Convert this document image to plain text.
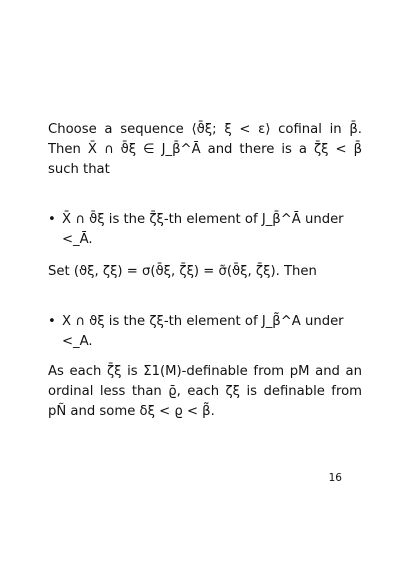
Choose a sequence ⟨ϑ̄ξ; ξ < ε⟩ cofinal in β̄. Then X̄ ∩ ϑ̄ξ ∈ J_β̄^Ā and there is a ζ̄ξ < β̄ such that
• X̄ ∩ ϑ̄ξ is the ζ̄ξ-th element of J_β̄^Ā under <_Ā.
Set (ϑξ, ζξ) = σ(ϑ̄ξ, ζ̄ξ) = σ̃(ϑ̄ξ, ζ̄ξ). Then
• X ∩ ϑξ is the ζξ-th element of J_β̃^A under <_A.
As each ζ̄ξ is Σ1(M)-definable from pM and an ordinal less than ϱ̄, each ζξ is definable from pÑ and some δξ < ϱ < β̃.
16
